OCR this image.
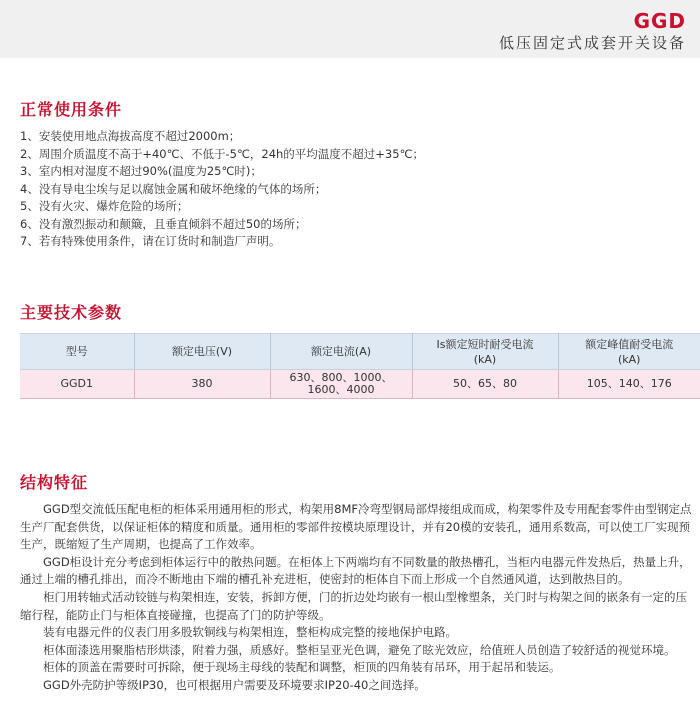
GGD
低压固定式成套开关设备
正常使用条件
1、安装使用地点海拔高度不超过2000m；
2、周围介质温度不高于+40℃、不低于-5℃，24h的平均温度不超过+35℃；
3、室内相对湿度不超过90%(温度为25℃时)；
4、没有导电尘埃与足以腐蚀金属和破坏绝缘的气体的场所；
5、没有火灾、爆炸危险的场所；
6、没有激烈振动和颠簸，且垂直倾斜不超过50的场所；
7、若有特殊使用条件，请在订货时和制造厂声明。
主要技术参数
型号	额定电压(V)	额定电流(A)	Is额定短时耐受电流(kA)	额定峰值耐受电流(kA)
GGD1	380	630、800、1000、1600、4000	50、65、80	105、140、176
结构特征

GGD型交流低压配电柜的柜体采用通用柜的形式，构架用8MF冷弯型钢局部焊接组成而成，构架零件及专用配套零件由型钢定点生产厂配套供货，以保证柜体的精度和质量。通用柜的零部件按模块原理设计，并有20模的安装孔，通用系数高，可以使工厂实现预生产，既缩短了生产周期，也提高了工作效率。

GGD柜设计充分考虑到柜体运行中的散热问题。在柜体上下两端均有不同数量的散热槽孔，当柜内电器元件发热后，热量上升，通过上端的槽孔排出，而冷不断地由下端的槽孔补充进柜，使密封的柜体自下而上形成一个自然通风道，达到散热目的。

柜门用转轴式活动铰链与构架相连，安装，拆卸方便，门的折边处均嵌有一根山型橡塑条，关门时与构架之间的嵌条有一定的压缩行程，能防止门与柜体直接碰撞，也提高了门的防护等级。

装有电器元件的仪表门用多股软铜线与构架相连，整柜构成完整的接地保护电路。

柜体面漆选用聚脂桔形烘漆，附着力强，质感好。整柜呈亚光色调，避免了眩光效应，给值班人员创造了较舒适的视觉环境。

柜体的顶盖在需要时可拆除，便于现场主母线的装配和调整，柜顶的四角装有吊环，用于起吊和装运。

GGD外壳防护等级IP30，也可根据用户需要及环境要求IP20-40之间选择。
